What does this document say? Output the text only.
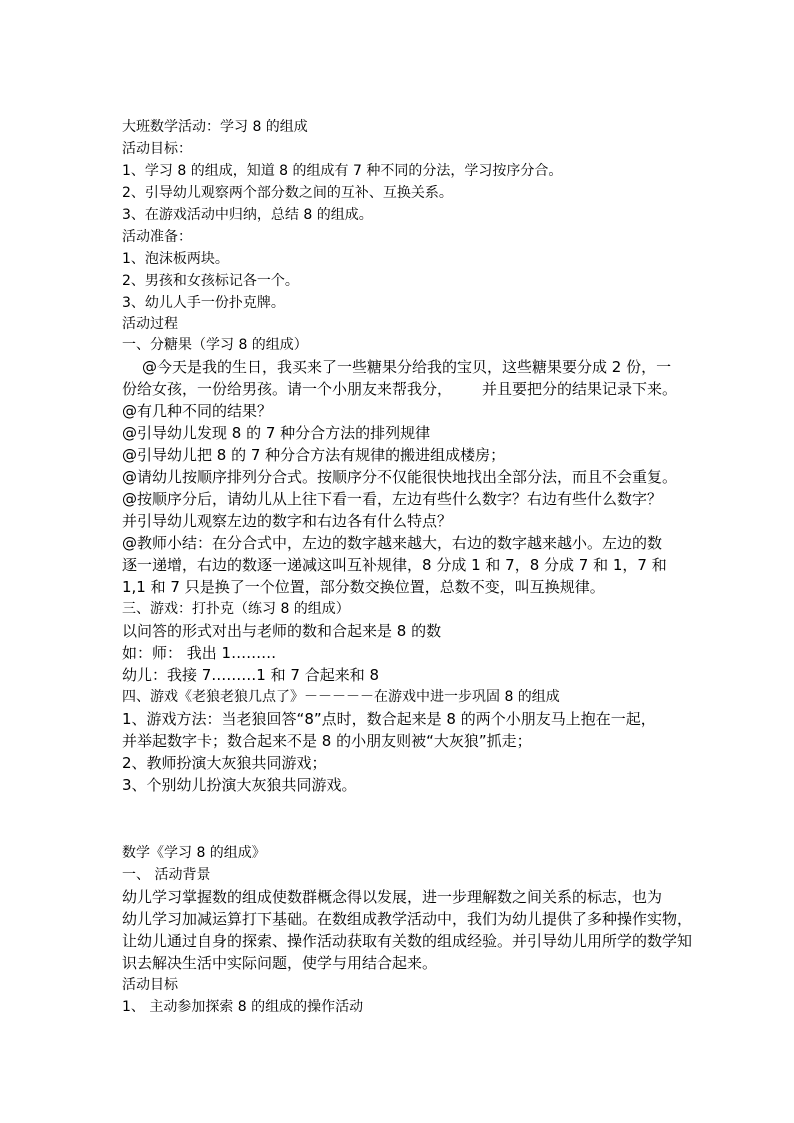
大班数学活动：学习 8 的组成
活动目标：
1、学习 8 的组成，知道 8 的组成有 7 种不同的分法，学习按序分合。
2、引导幼儿观察两个部分数之间的互补、互换关系。
3、在游戏活动中归纳，总结 8 的组成。
活动准备：
1、泡沫板两块。
2、男孩和女孩标记各一个。
3、幼儿人手一份扑克牌。
活动过程
一、分糖果（学习 8 的组成）
@今天是我的生日，我买来了一些糖果分给我的宝贝，这些糖果要分成 2 份，一
份给女孩，一份给男孩。请一个小朋友来帮我分， 并且要把分的结果记录下来。
@有几种不同的结果？
@引导幼儿发现 8 的 7 种分合方法的排列规律
@引导幼儿把 8 的 7 种分合方法有规律的搬进组成楼房；
@请幼儿按顺序排列分合式。按顺序分不仅能很快地找出全部分法，而且不会重复。
@按顺序分后，请幼儿从上往下看一看，左边有些什么数字？右边有些什么数字？
并引导幼儿观察左边的数字和右边各有什么特点？
@教师小结：在分合式中，左边的数字越来越大，右边的数字越来越小。左边的数
逐一递增，右边的数逐一递减这叫互补规律，8 分成 1 和 7，8 分成 7 和 1，7 和
1,1 和 7 只是换了一个位置，部分数交换位置，总数不变，叫互换规律。
三、游戏：打扑克（练习 8 的组成）
以问答的形式对出与老师的数和合起来是 8 的数
如：师： 我出 1………
幼儿：我接 7………1 和 7 合起来和 8
四、游戏《老狼老狼几点了》－－－－－在游戏中进一步巩固 8 的组成
1、游戏方法：当老狼回答“8”点时，数合起来是 8 的两个小朋友马上抱在一起，
并举起数字卡；数合起来不是 8 的小朋友则被“大灰狼”抓走；
2、教师扮演大灰狼共同游戏；
3、个别幼儿扮演大灰狼共同游戏。
数学《学习 8 的组成》
一、 活动背景
幼儿学习掌握数的组成使数群概念得以发展，进一步理解数之间关系的标志，也为
幼儿学习加减运算打下基础。在数组成教学活动中，我们为幼儿提供了多种操作实物，
让幼儿通过自身的探索、操作活动获取有关数的组成经验。并引导幼儿用所学的数学知
识去解决生活中实际问题，使学与用结合起来。
活动目标
1、 主动参加探索 8 的组成的操作活动
